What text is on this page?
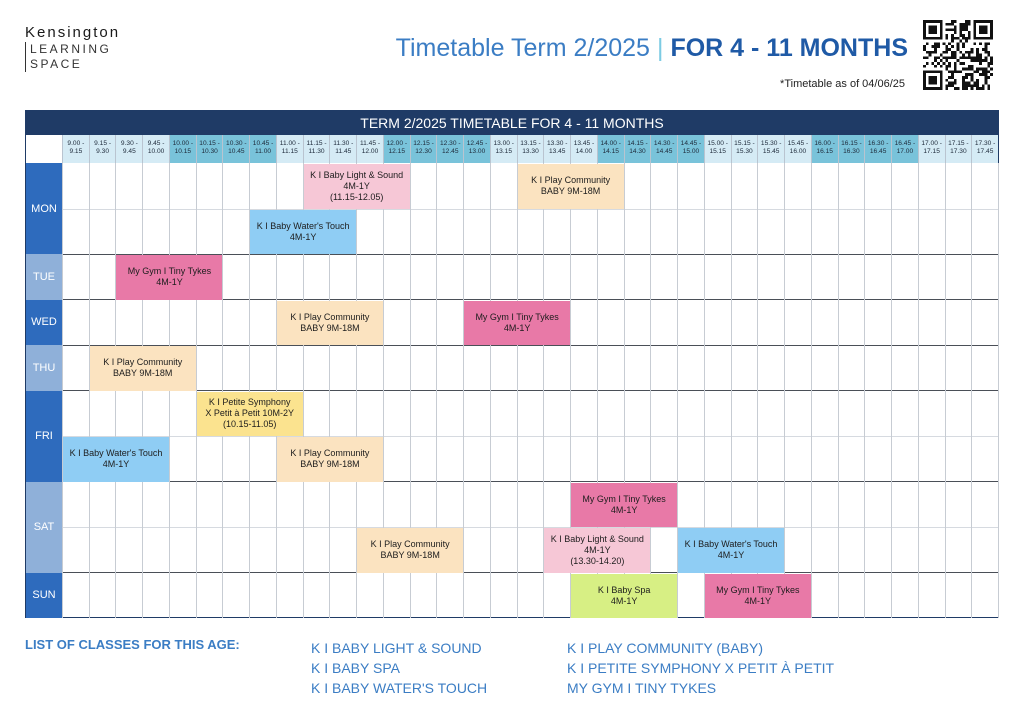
Kensington
LEARNING
SPACE
Timetable Term 2/2025 | FOR 4 - 11 MONTHS
*Timetable as of 04/06/25
TERM 2/2025 TIMETABLE FOR 4 - 11 MONTHS
9.00 -
9.15
9.15 -
9.30
9.30 -
9.45
9.45 -
10.00
10.00 -
10.15
10.15 -
10.30
10.30 -
10.45
10.45 -
11.00
11.00 -
11.15
11.15 -
11.30
11.30 -
11.45
11.45 -
12.00
12.00 -
12.15
12.15 -
12.30
12.30 -
12.45
12.45 -
13.00
13.00 -
13.15
13.15 -
13.30
13.30 -
13.45
13.45 -
14.00
14.00 -
14.15
14.15 -
14.30
14.30 -
14.45
14.45 -
15.00
15.00 -
15.15
15.15 -
15.30
15.30 -
15.45
15.45 -
16.00
16.00 -
16.15
16.15 -
16.30
16.30 -
16.45
16.45 -
17.00
17.00 -
17.15
17.15 -
17.30
17.30 -
17.45
MON
TUE
WED
THU
FRI
SAT
SUN
K I Baby Light & Sound
4M-1Y
(11.15-12.05)
K I Play Community
BABY 9M-18M
K I Baby Water's Touch
4M-1Y
My Gym I Tiny Tykes
4M-1Y
K I Play Community
BABY 9M-18M
My Gym I Tiny Tykes
4M-1Y
K I Play Community
BABY 9M-18M
K I Petite Symphony
X Petit à Petit 10M-2Y
(10.15-11.05)
K I Baby Water's Touch
4M-1Y
K I Play Community
BABY 9M-18M
My Gym I Tiny Tykes
4M-1Y
K I Play Community
BABY 9M-18M
K I Baby Light & Sound
4M-1Y
(13.30-14.20)
K I Baby Water's Touch
4M-1Y
K I Baby Spa
4M-1Y
My Gym I Tiny Tykes
4M-1Y
LIST OF CLASSES FOR THIS AGE:	K I BABY LIGHT & SOUND
K I BABY SPA
K I BABY WATER'S TOUCH
K I PLAY COMMUNITY (BABY)
K I PETITE SYMPHONY X PETIT À PETIT
MY GYM I TINY TYKES
